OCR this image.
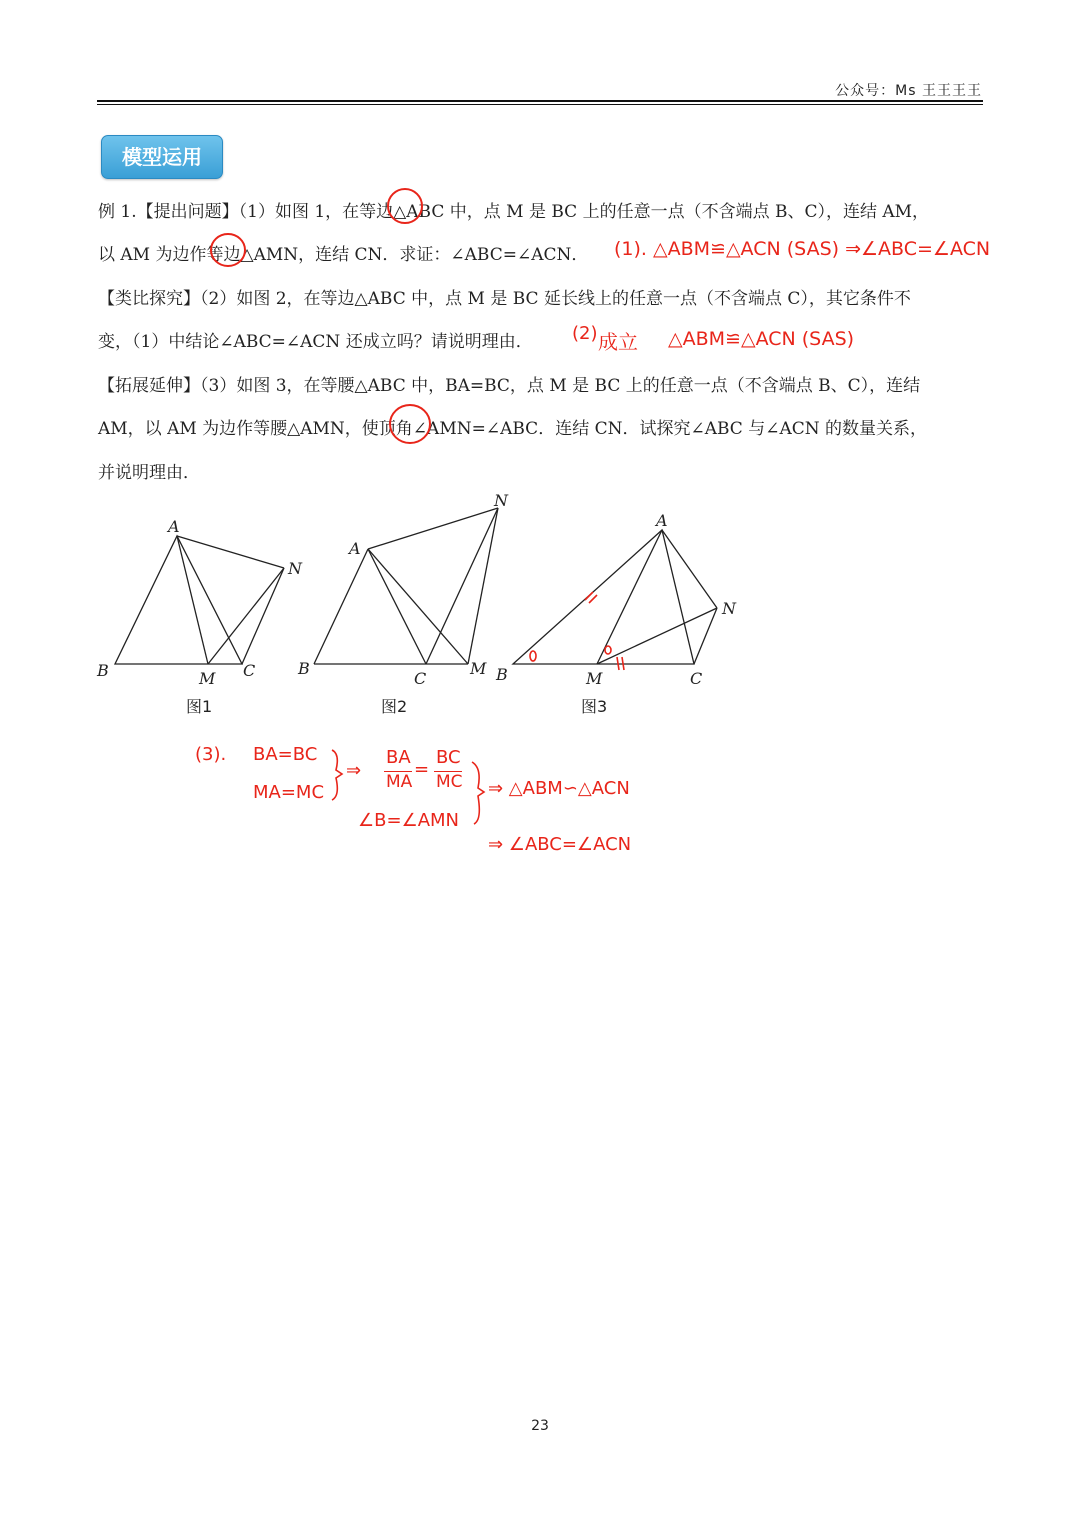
公众号：Ms 王王王王
模型运用
例 1.【提出问题】（1）如图 1，在等边△ABC 中，点 M 是 BC 上的任意一点（不含端点 B、C），连结 AM，
以 AM 为边作等边△AMN，连结 CN．求证：∠ABC=∠ACN．
【类比探究】（2）如图 2，在等边△ABC 中，点 M 是 BC 延长线上的任意一点（不含端点 C），其它条件不
变，（1）中结论∠ABC=∠ACN 还成立吗？请说明理由．
【拓展延伸】（3）如图 3，在等腰△ABC 中，BA=BC，点 M 是 BC 上的任意一点（不含端点 B、C），连结
AM，以 AM 为边作等腰△AMN，使顶角∠AMN=∠ABC．连结 CN．试探究∠ABC 与∠ACN 的数量关系，
并说明理由．
(1). △ABM≌△ACN (SAS) ⇒∠ABC=∠ACN
(2) 成立 △ABM≌△ACN (SAS)
A
B	C
M
N
A
B
C
M
N
A
B	C
M
N
图1	图2	图3
(3). BA=BC
MA=MC
⇒
BA
MA
=
BC
MC
∠B=∠AMN
⇒ △ABM∽△ACN
⇒ ∠ABC=∠ACN
23
